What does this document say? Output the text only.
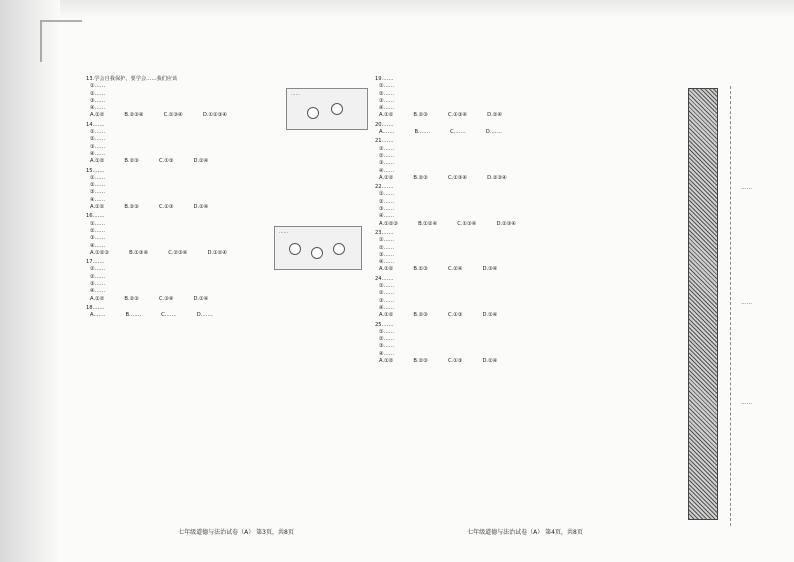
……
……
13.学会自我保护，要学会……我们应该
①……
②……
③……
④……
A.①②	B.②③④	C.①③④	D.①②③④
14.……
①……
②……
③……
④……
A.①②	B.②③	C.①③	D.②④
15.……
①……
②……
③……
④……
A.①②	B.②③	C.①③	D.②④
16.……
①……
②……
③……
④……
A.①②③	B.①③④	C.②③④	D.①②④
17.……
①……
②……
③……
④……
A.①②	B.②③	C.③④	D.①④
18.……
A.……	B.……	C.……	D.……
七年级道德与法治试卷（A） 第3页，共8页
19.……
①……
②……
③……
④……
A.①②	B.②③	C.①③④	D.②④
20.……
A.……	B.……	C.……	D.……
21.……
①……
②……
③……
④……
A.①②	B.②③	C.①③④	D.②③④
22.……
①……
②……
③……
④……
A.①②③	B.①②④	C.①③④	D.②③④
23.……
①……
②……
③……
④……
A.①②	B.①③	C.②④	D.③④
24.……
①……
②……
③……
④……
A.①②	B.②③	C.①③	D.②④
25.……
①……
②……
③……
④……
A.①②	B.②③	C.①③	D.②④
七年级道德与法治试卷（A） 第4页，共8页
……
……
……
